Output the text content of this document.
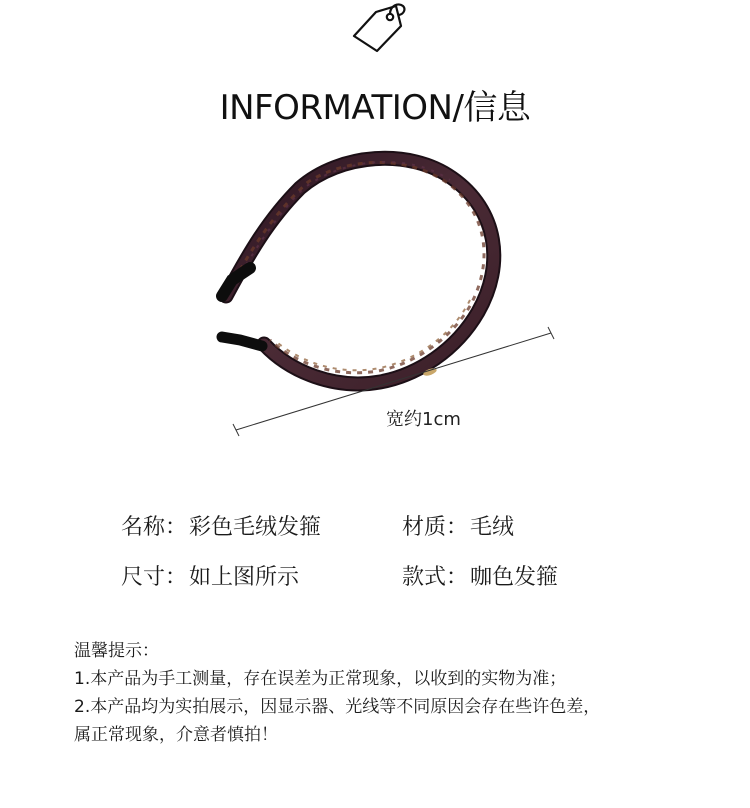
INFORMATION/信息
宽约1cm
名称：彩色毛绒发箍	材质：毛绒
尺寸：如上图所示	款式：咖色发箍
温馨提示：
1.本产品为手工测量，存在误差为正常现象，以收到的实物为准；
2.本产品均为实拍展示，因显示器、光线等不同原因会存在些许色差，
属正常现象，介意者慎拍！
